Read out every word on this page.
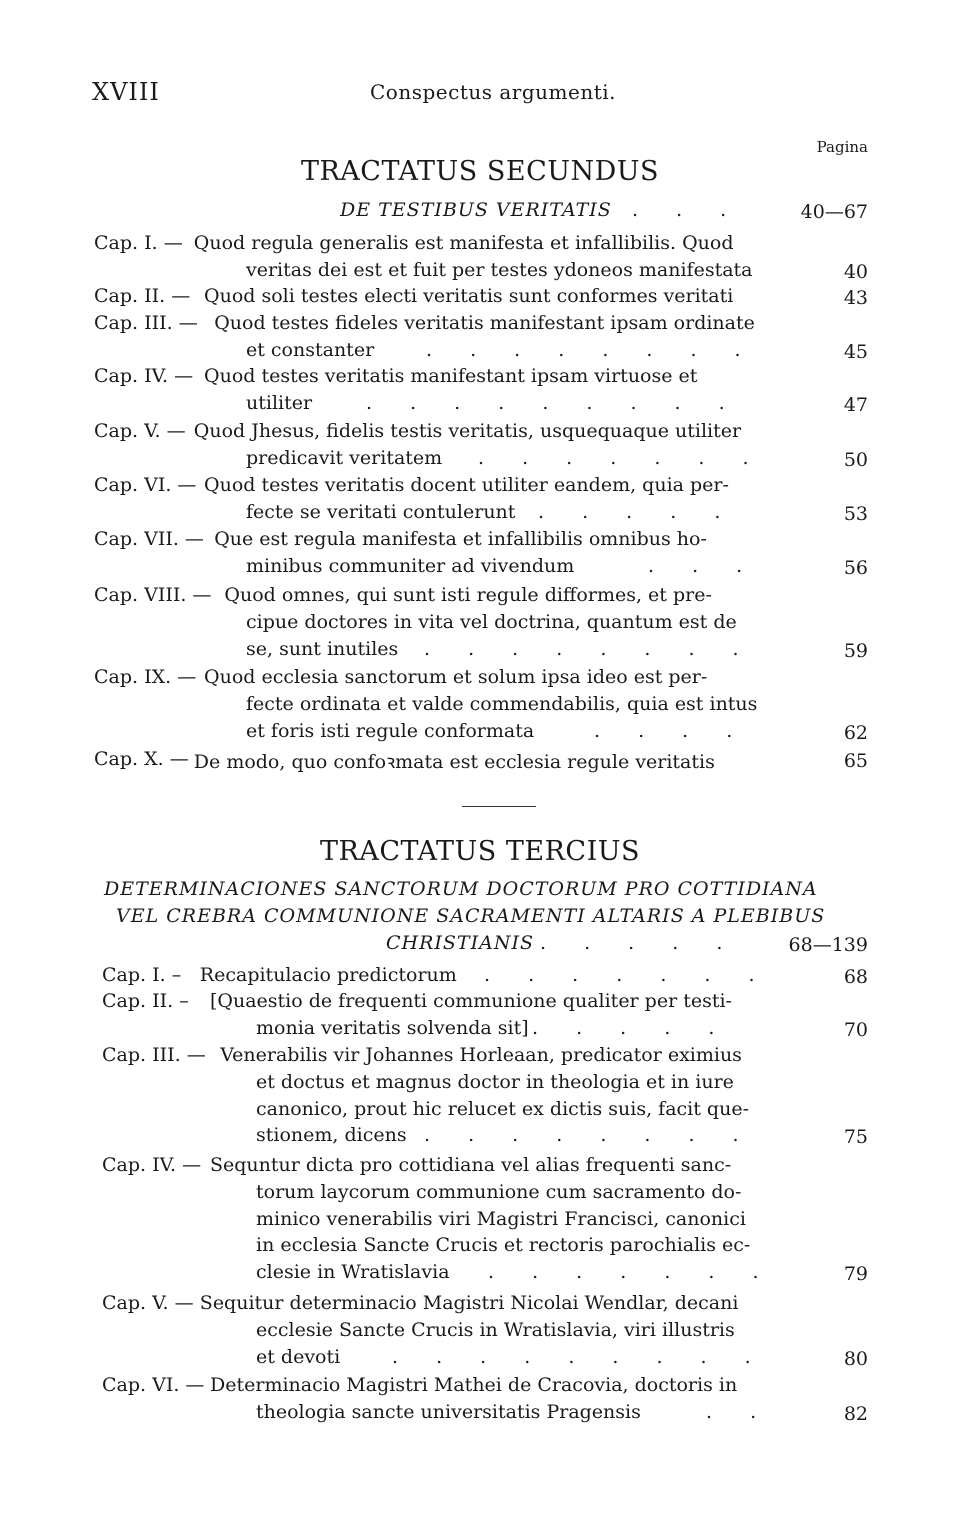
XVIII	Conspectus argumenti.
Pagina
TRACTATUS SECUNDUS
DE TESTIBUS VERITATIS . . .	40—67
Cap. I. — Quod regula generalis est manifesta et infallibilis. Quod
veritas dei est et fuit per testes ydoneos manifestata	40
Cap. II. — Quod soli testes electi veritatis sunt conformes veritati	43
Cap. III. — Quod testes fideles veritatis manifestant ipsam ordinate
et constanter	. . . . . . . .	45
Cap. IV. — Quod testes veritatis manifestant ipsam virtuose et
utiliter	. . . . . . . . .	47
Cap. V. — Quod Jhesus, fidelis testis veritatis, usquequaque utiliter
predicavit veritatem . . . . . . .	50
Cap. VI. — Quod testes veritatis docent utiliter eandem, quia per-
fecte se veritati contulerunt . . . . .	53
Cap. VII. — Que est regula manifesta et infallibilis omnibus ho-
minibus communiter ad vivendum	. . .	56
Cap. VIII. — Quod omnes, qui sunt isti regule difformes, et pre-
cipue doctores in vita vel doctrina, quantum est de
se, sunt inutiles . . . . . . . .	59
Cap. IX. — Quod ecclesia sanctorum et solum ipsa ideo est per-
fecte ordinata et valde commendabilis, quia est intus
et foris isti regule conformata	. . . .	62
Cap. X. — De modo, quo confoꝛmata est ecclesia regule veritatis	65
TRACTATUS TERCIUS
DETERMINACIONES SANCTORUM DOCTORUM PRO COTTIDIANA
VEL CREBRA COMMUNIONE SACRAMENTI ALTARIS A PLEBIBUS
CHRISTIANIS . . . . .	68—139
Cap. I. – Recapitulacio predictorum . . . . . . .	68
Cap. II. – [Quaestio de frequenti communione qualiter per testi-
monia veritatis solvenda sit] . . . . .	70
Cap. III. — Venerabilis vir Johannes Horleaan, predicator eximius
et doctus et magnus doctor in theologia et in iure
canonico, prout hic relucet ex dictis suis, facit que-
stionem, dicens . . . . . . . .	75
Cap. IV. — Sequntur dicta pro cottidiana vel alias frequenti sanc-
torum laycorum communione cum sacramento do-
minico venerabilis viri Magistri Francisci, canonici
in ecclesia Sancte Crucis et rectoris parochialis ec-
clesie in Wratislavia . . . . . . .	79
Cap. V. — Sequitur determinacio Magistri Nicolai Wendlar, decani
ecclesie Sancte Crucis in Wratislavia, viri illustris
et devoti	. . . . . . . . .	80
Cap. VI. — Determinacio Magistri Mathei de Cracovia, doctoris in
theologia sancte universitatis Pragensis	. .	82
